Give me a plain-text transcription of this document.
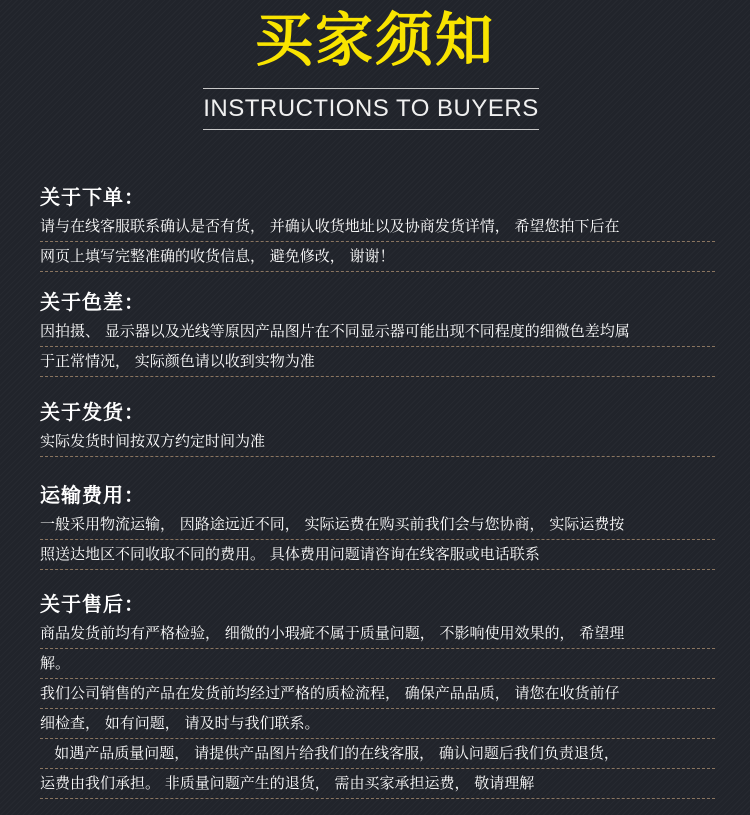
买家须知
INSTRUCTIONS TO BUYERS
关于下单：
请与在线客服联系确认是否有货， 并确认收货地址以及协商发货详情， 希望您拍下后在
网页上填写完整准确的收货信息， 避免修改， 谢谢！
关于色差：
因拍摄、 显示器以及光线等原因产品图片在不同显示器可能出现不同程度的细微色差均属
于正常情况， 实际颜色请以收到实物为准
关于发货：
实际发货时间按双方约定时间为准
运输费用：
一般采用物流运输， 因路途远近不同， 实际运费在购买前我们会与您协商， 实际运费按
照送达地区不同收取不同的费用。 具体费用问题请咨询在线客服或电话联系
关于售后：
商品发货前均有严格检验， 细微的小瑕疵不属于质量问题， 不影响使用效果的， 希望理
解。
我们公司销售的产品在发货前均经过严格的质检流程， 确保产品品质， 请您在收货前仔
细检查， 如有问题， 请及时与我们联系。
如遇产品质量问题， 请提供产品图片给我们的在线客服， 确认问题后我们负责退货，
运费由我们承担。 非质量问题产生的退货， 需由买家承担运费， 敬请理解
